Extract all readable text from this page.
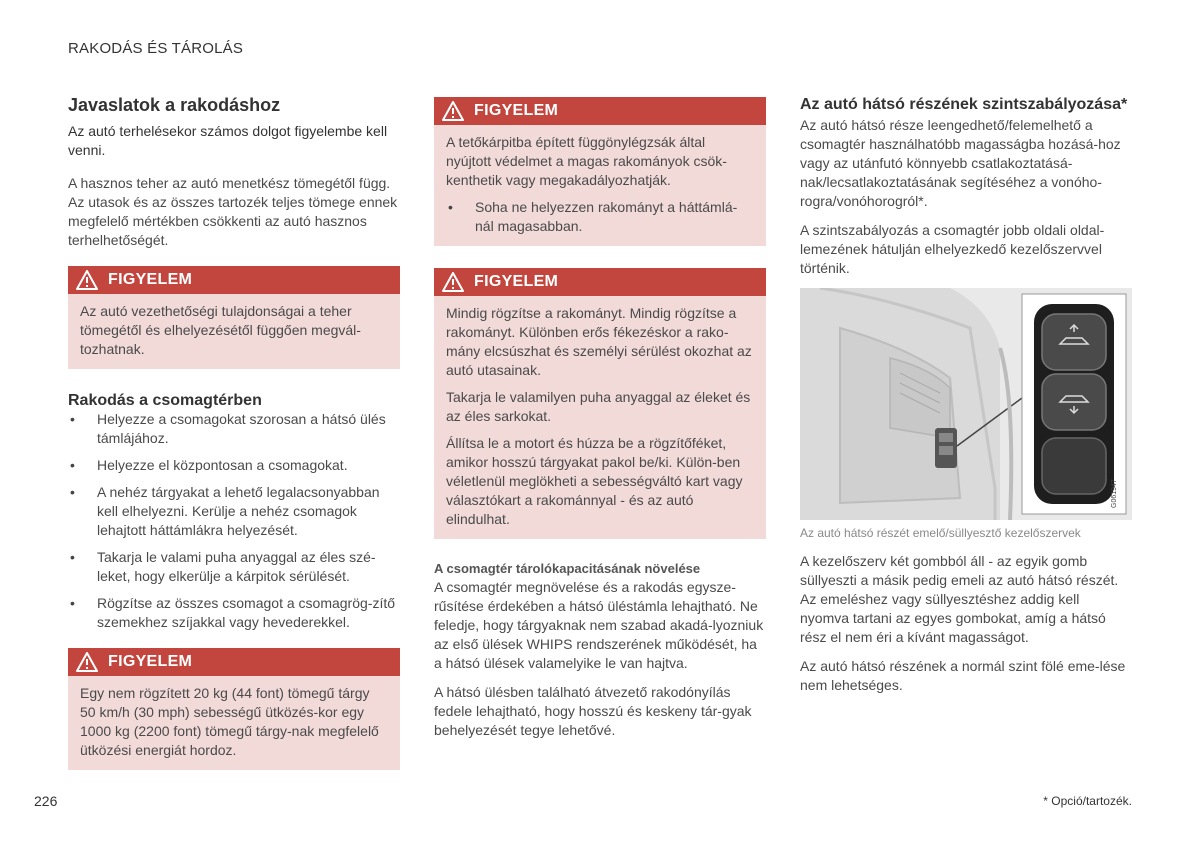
RAKODÁS ÉS TÁROLÁS
Javaslatok a rakodáshoz

Az autó terhelésekor számos dolgot figyelembe kell venni.

A hasznos teher az autó menetkész tömegétől függ. Az utasok és az összes tartozék teljes tömege ennek megfelelő mértékben csökkenti az autó hasznos terhelhetőségét.

FIGYELEM

Az autó vezethetőségi tulajdonságai a teher tömegétől és elhelyezésétől függően megvál-tozhatnak.

Rakodás a csomagtérben
• Helyezze a csomagokat szorosan a hátsó ülés támlájához.
• Helyezze el központosan a csomagokat.
• A nehéz tárgyakat a lehető legalacsonyabban kell elhelyezni. Kerülje a nehéz csomagok lehajtott háttámlákra helyezését.
• Takarja le valami puha anyaggal az éles szé-leket, hogy elkerülje a kárpitok sérülését.
• Rögzítse az összes csomagot a csomagrög-zítő szemekhez szíjakkal vagy hevederekkel.
FIGYELEM

Egy nem rögzített 20 kg (44 font) tömegű tárgy 50 km/h (30 mph) sebességű ütközés-kor egy 1000 kg (2200 font) tömegű tárgy-nak megfelelő ütközési energiát hordoz.

FIGYELEM

A tetőkárpitba épített függönylégzsák által nyújtott védelmet a magas rakományok csök-kenthetik vagy megakadályozhatják.

• Soha ne helyezzen rakományt a háttámlá-nál magasabban.
FIGYELEM

Mindig rögzítse a rakományt. Mindig rögzítse a rakományt. Különben erős fékezéskor a rako-mány elcsúszhat és személyi sérülést okozhat az autó utasainak.

Takarja le valamilyen puha anyaggal az éleket és az éles sarkokat.

Állítsa le a motort és húzza be a rögzítőféket, amikor hosszú tárgyakat pakol be/ki. Külön-ben véletlenül meglökheti a sebességváltó kart vagy választókart a rakománnyal - és az autó elindulhat.

A csomagtér tárolókapacitásának növelése

A csomagtér megnövelése és a rakodás egysze-rűsítése érdekében a hátsó üléstámla lehajtható. Ne feledje, hogy tárgyaknak nem szabad akadá-lyozniuk az első ülések WHIPS rendszerének működését, ha a hátsó ülések valamelyike le van hajtva.

A hátsó ülésben található átvezető rakodónyílás fedele lehajtható, hogy hosszú és keskeny tár-gyak behelyezését tegye lehetővé.

Az autó hátsó részének szintszabályozása*

Az autó hátsó része leengedhető/felemelhető a csomagtér használhatóbb magasságba hozásá-hoz vagy az utánfutó könnyebb csatlakoztatásá-nak/lecsatlakoztatásának segítéséhez a vonóho-rogra/vonóhorogról*.

A szintszabályozás a csomagtér jobb oldali oldal-lemezének hátulján elhelyezkedő kezelőszervvel történik.

G061947
Az autó hátsó részét emelő/süllyesztő kezelőszervek

A kezelőszerv két gombból áll - az egyik gomb süllyeszti a másik pedig emeli az autó hátsó részét. Az emeléshez vagy süllyesztéshez addig kell nyomva tartani az egyes gombokat, amíg a hátsó rész el nem éri a kívánt magasságot.

Az autó hátsó részének a normál szint fölé eme-lése nem lehetséges.

226	* Opció/tartozék.
